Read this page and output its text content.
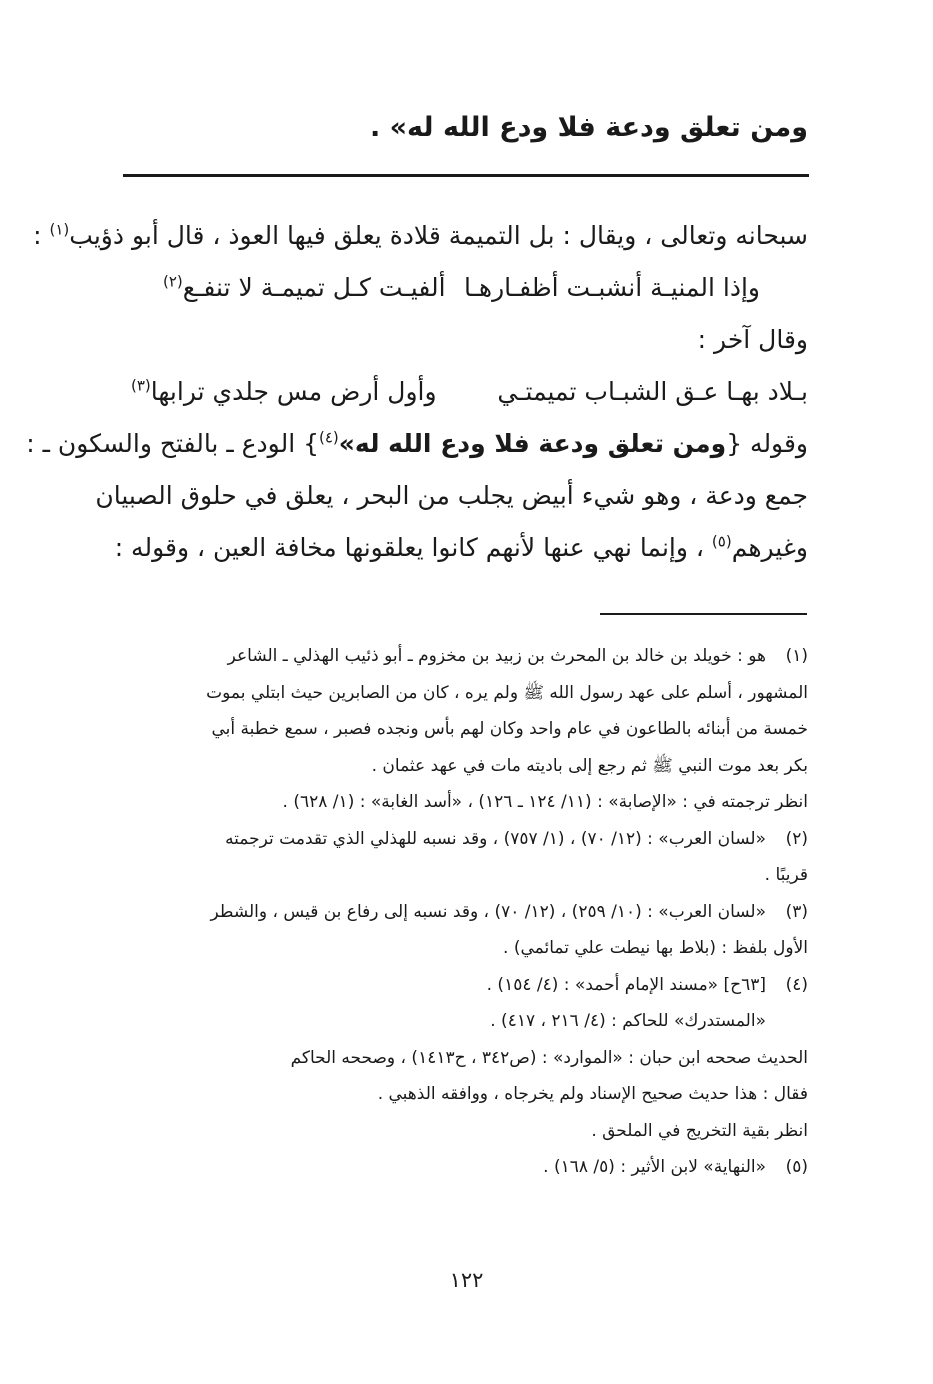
ومن تعلق ودعة فلا ودع الله له» .
سبحانه وتعالى ، ويقال : بل التميمة قلادة يعلق فيها العوذ ، قال أبو ذؤيب$^{(١)}$ :
وإذا المنيـة أنشبـت أظفـارهـا
ألفيـت كـل تميمـة لا تنفـع$^{(٢)}$
وقال آخر :
بـلاد بهـا عـق الشبـاب تميمتـي
وأول أرض مس جلدي ترابها$^{(٣)}$
وقوله {ومن تعلق ودعة فلا ودع الله له»$^{(٤)}$} الودع ـ بالفتح والسكون ـ :
جمع ودعة ، وهو شيء أبيض يجلب من البحر ، يعلق في حلوق الصبيان
وغيرهم$^{(٥)}$ ، وإنما نهي عنها لأنهم كانوا يعلقونها مخافة العين ، وقوله :
(١)
هو : خويلد بن خالد بن المحرث بن زبيد بن مخزوم ـ أبو ذئيب الهذلي ـ الشاعر
المشهور ، أسلم على عهد رسول الله ﷺ ولم يره ، كان من الصابرين حيث ابتلي بموت
خمسة من أبنائه بالطاعون في عام واحد وكان لهم بأس ونجده فصبر ، سمع خطبة أبي
بكر بعد موت النبي ﷺ ثم رجع إلى باديته مات في عهد عثمان .
انظر ترجمته في : «الإصابة» : (١١/ ١٢٤ ـ ١٢٦) ، «أسد الغابة» : (١/ ٦٢٨) .
(٢)
«لسان العرب» : (١٢/ ٧٠) ، (١/ ٧٥٧) ، وقد نسبه للهذلي الذي تقدمت ترجمته
قريبًا .
(٣)
«لسان العرب» : (١٠/ ٢٥٩) ، (١٢/ ٧٠) ، وقد نسبه إلى رفاع بن قيس ، والشطر
الأول بلفظ : (بلاط بها نيطت علي تمائمي) .
(٤)
[٦٣ح] «مسند الإمام أحمد» : (٤/ ١٥٤) .
«المستدرك» للحاكم : (٤/ ٢١٦ ، ٤١٧) .
الحديث صححه ابن حبان : «الموارد» : (ص٣٤٢ ، ح١٤١٣) ، وصححه الحاكم
فقال : هذا حديث صحيح الإسناد ولم يخرجاه ، ووافقه الذهبي .
انظر بقية التخريج في الملحق .
(٥)
«النهاية» لابن الأثير : (٥/ ١٦٨) .
١٢٢
